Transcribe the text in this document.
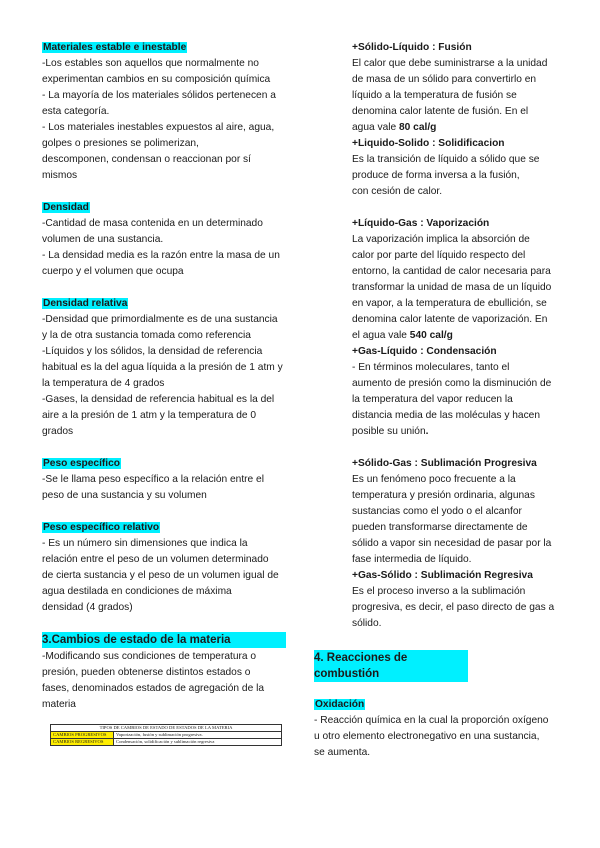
Materiales estable e inestable
-Los estables son aquellos que normalmente no
experimentan cambios en su composición química
- La mayoría de los materiales sólidos pertenecen a
esta categoría.
- Los materiales inestables expuestos al aire, agua,
golpes o presiones se polimerizan,
descomponen, condensan o reaccionan por sí
mismos
Densidad
-Cantidad de masa contenida en un determinado
volumen de una sustancia.
- La densidad media es la razón entre la masa de un
cuerpo y el volumen que ocupa
Densidad relativa
-Densidad que primordialmente es de una sustancia
y la de otra sustancia tomada como referencia
-Líquidos y los sólidos, la densidad de referencia
habitual es la del agua líquida a la presión de 1 atm y
la temperatura de 4 grados
-Gases, la densidad de referencia habitual es la del
aire a la presión de 1 atm y la temperatura de 0
grados
Peso específico
-Se le llama peso específico a la relación entre el
peso de una sustancia y su volumen
Peso específico relativo
- Es un número sin dimensiones que indica la
relación entre el peso de un volumen determinado
de cierta sustancia y el peso de un volumen igual de
agua destilada en condiciones de máxima
densidad (4 grados)
3.Cambios de estado de la materia
-Modificando sus condiciones de temperatura o
presión, pueden obtenerse distintos estados o
fases, denominados estados de agregación de la
materia
TIPOS DE CAMBIOS DE ESTADO DE ESTADOS DE LA MATERIA	
CAMBIOS PROGRESIVOS	Vaporización, fusión y sublimación progresiva.
CAMBIOS REGRESIVOS	Condensación, solidificación y sublimación regresiva
+Sólido-Líquido : Fusión
El calor que debe suministrarse a la unidad
de masa de un sólido para convertirlo en
líquido a la temperatura de fusión se
denomina calor latente de fusión. En el
agua vale 80 cal/g
+Liquido-Solido : Solidificacion
Es la transición de líquido a sólido que se
produce de forma inversa a la fusión,
con cesión de calor.
+Líquido-Gas : Vaporización
La vaporización implica la absorción de
calor por parte del líquido respecto del
entorno, la cantidad de calor necesaria para
transformar la unidad de masa de un líquido
en vapor, a la temperatura de ebullición, se
denomina calor latente de vaporización. En
el agua vale 540 cal/g
+Gas-Líquido : Condensación
- En términos moleculares, tanto el
aumento de presión como la disminución de
la temperatura del vapor reducen la
distancia media de las moléculas y hacen
posible su unión.
+Sólido-Gas : Sublimación Progresiva
Es un fenómeno poco frecuente a la
temperatura y presión ordinaria, algunas
sustancias como el yodo o el alcanfor
pueden transformarse directamente de
sólido a vapor sin necesidad de pasar por la
fase intermedia de líquido.
+Gas-Sólido : Sublimación Regresiva
Es el proceso inverso a la sublimación
progresiva, es decir, el paso directo de gas a
sólido.
4. Reacciones de combustión
Oxidación
- Reacción química en la cual la proporción oxígeno
u otro elemento electronegativo en una sustancia,
se aumenta.
